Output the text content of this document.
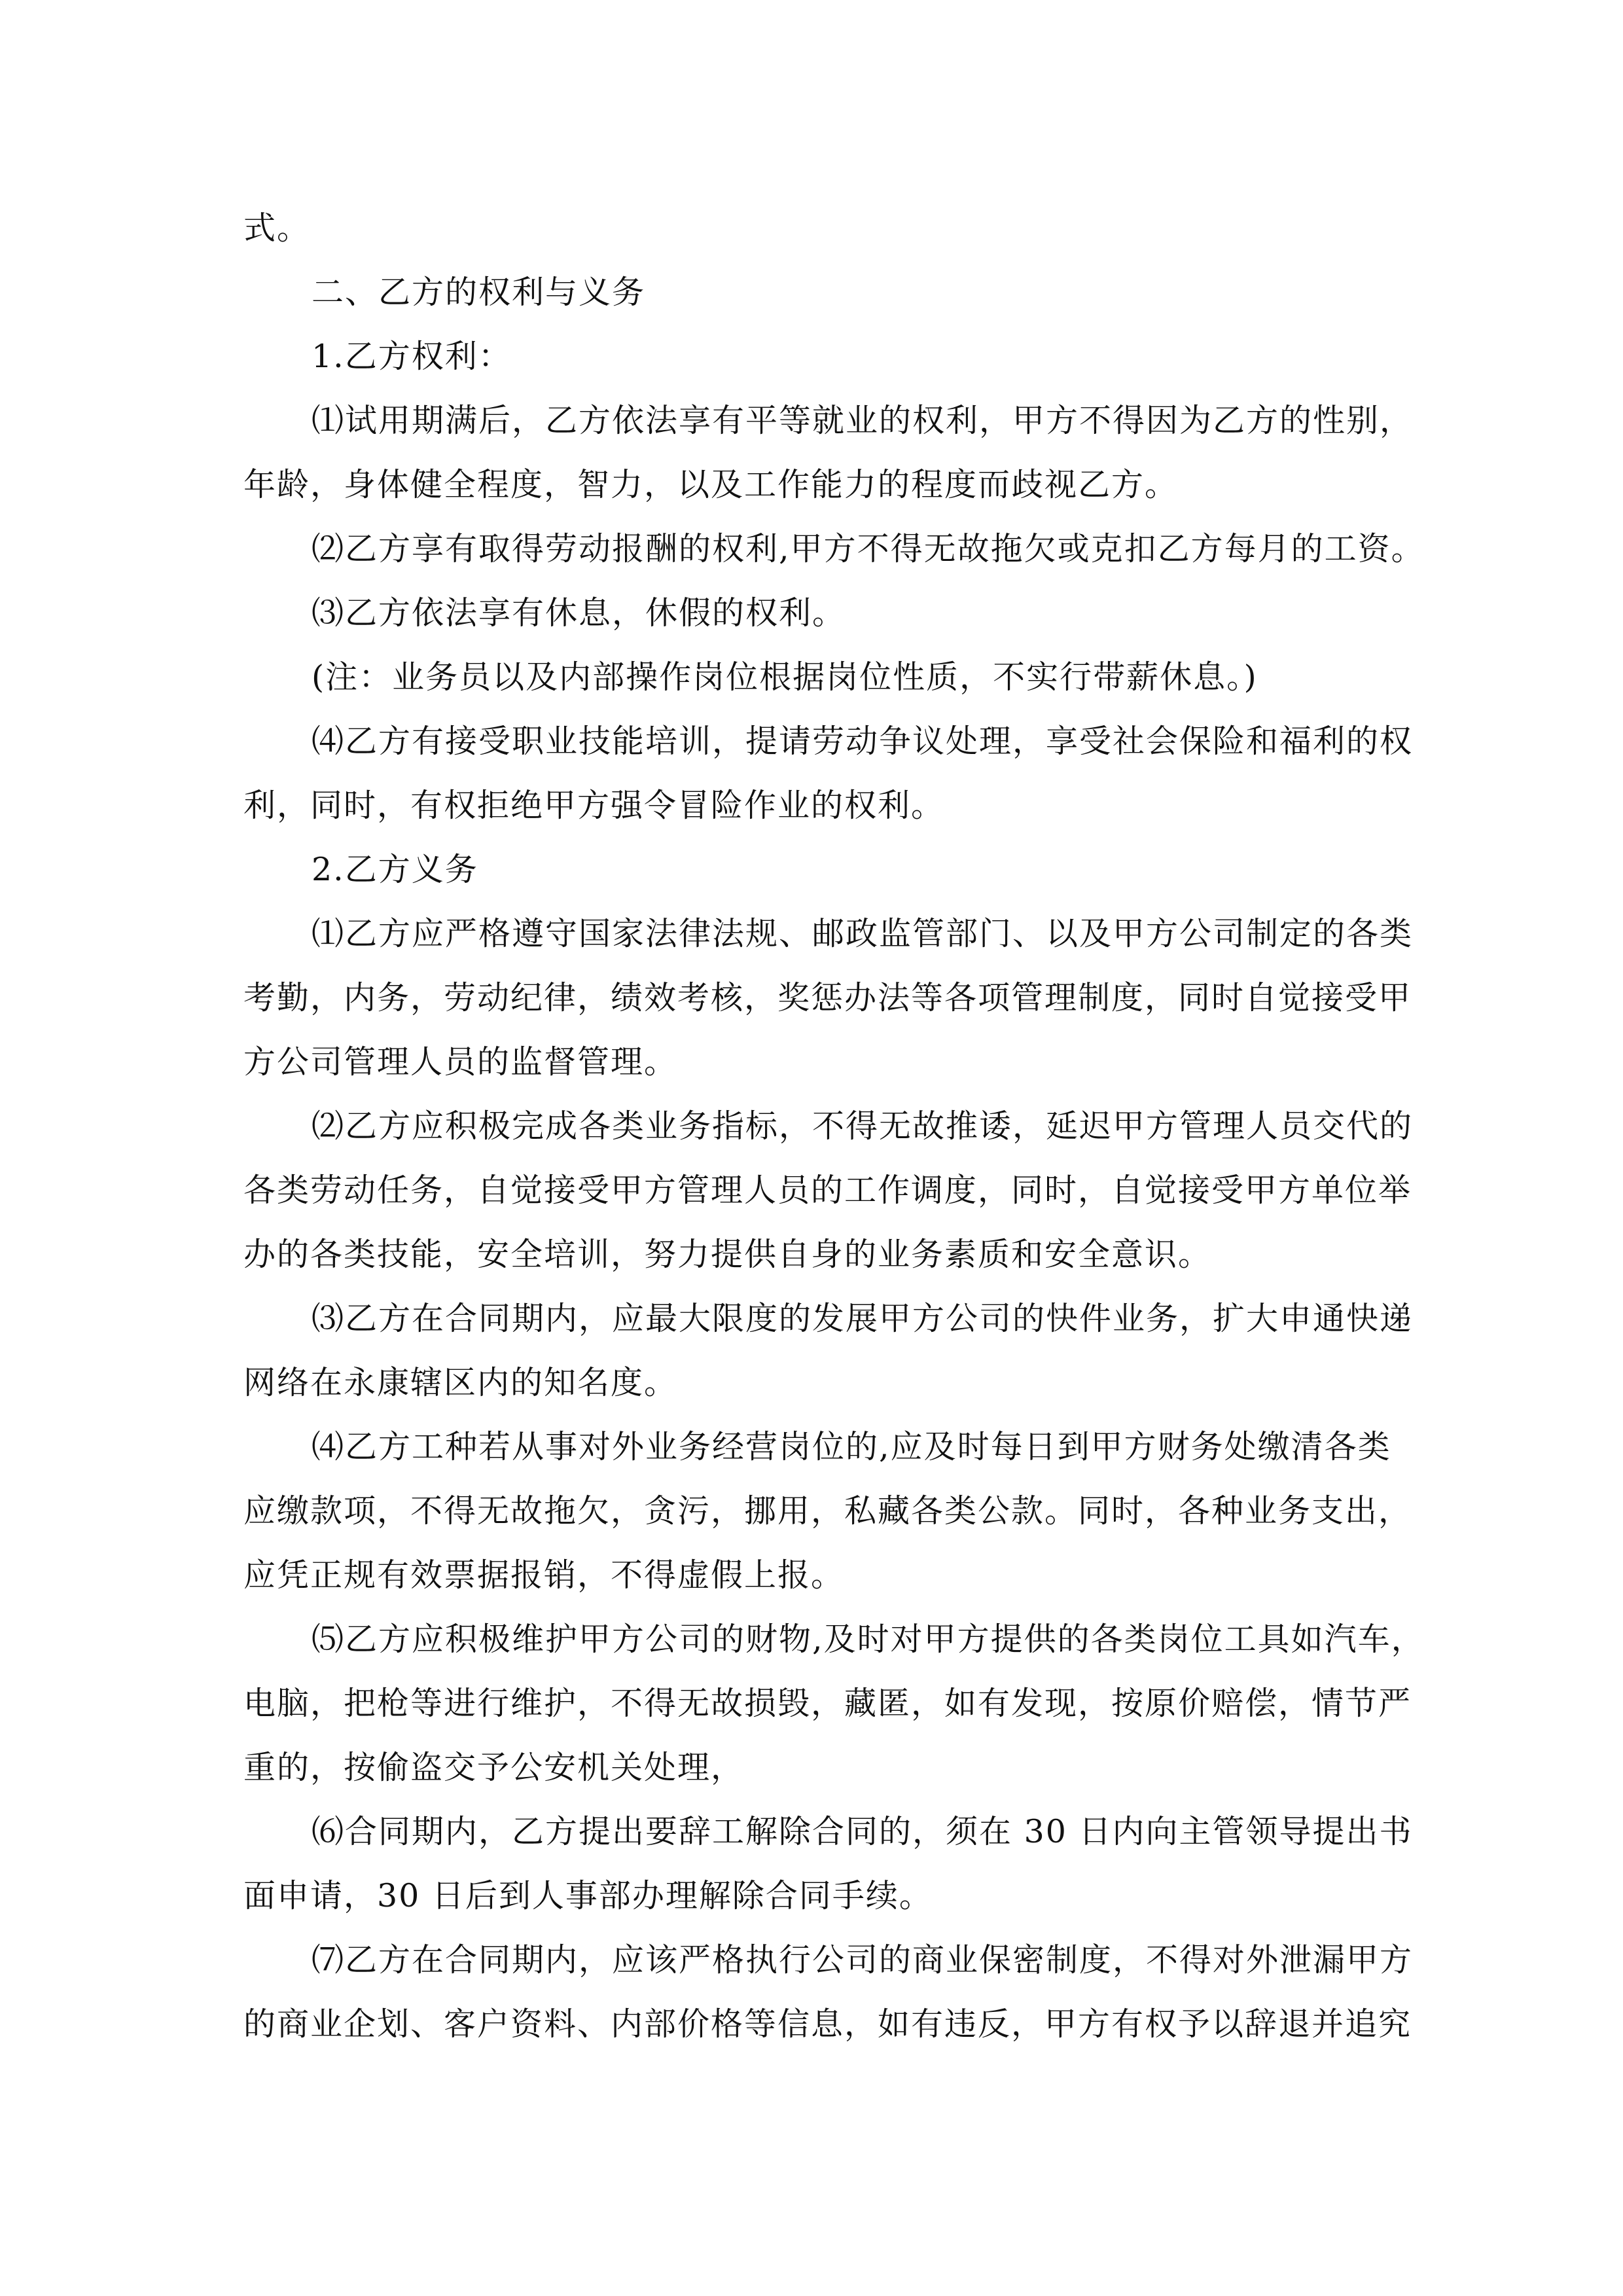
式。
二、乙方的权利与义务
1.乙方权利：
⑴试用期满后，乙方依法享有平等就业的权利，甲方不得因为乙方的性别，
年龄，身体健全程度，智力，以及工作能力的程度而歧视乙方。
⑵乙方享有取得劳动报酬的权利,甲方不得无故拖欠或克扣乙方每月的工资。
⑶乙方依法享有休息，休假的权利。
(注：业务员以及内部操作岗位根据岗位性质，不实行带薪休息。)
⑷乙方有接受职业技能培训，提请劳动争议处理，享受社会保险和福利的权
利，同时，有权拒绝甲方强令冒险作业的权利。
2.乙方义务
⑴乙方应严格遵守国家法律法规、邮政监管部门、以及甲方公司制定的各类
考勤，内务，劳动纪律，绩效考核，奖惩办法等各项管理制度，同时自觉接受甲
方公司管理人员的监督管理。
⑵乙方应积极完成各类业务指标，不得无故推诿，延迟甲方管理人员交代的
各类劳动任务，自觉接受甲方管理人员的工作调度，同时，自觉接受甲方单位举
办的各类技能，安全培训，努力提供自身的业务素质和安全意识。
⑶乙方在合同期内，应最大限度的发展甲方公司的快件业务，扩大申通快递
网络在永康辖区内的知名度。
⑷乙方工种若从事对外业务经营岗位的,应及时每日到甲方财务处缴清各类
应缴款项，不得无故拖欠，贪污，挪用，私藏各类公款。同时，各种业务支出，
应凭正规有效票据报销，不得虚假上报。
⑸乙方应积极维护甲方公司的财物,及时对甲方提供的各类岗位工具如汽车，
电脑，把枪等进行维护，不得无故损毁，藏匿，如有发现，按原价赔偿，情节严
重的，按偷盗交予公安机关处理，
⑹合同期内，乙方提出要辞工解除合同的，须在 30 日内向主管领导提出书
面申请，30 日后到人事部办理解除合同手续。
⑺乙方在合同期内，应该严格执行公司的商业保密制度，不得对外泄漏甲方
的商业企划、客户资料、内部价格等信息，如有违反，甲方有权予以辞退并追究
